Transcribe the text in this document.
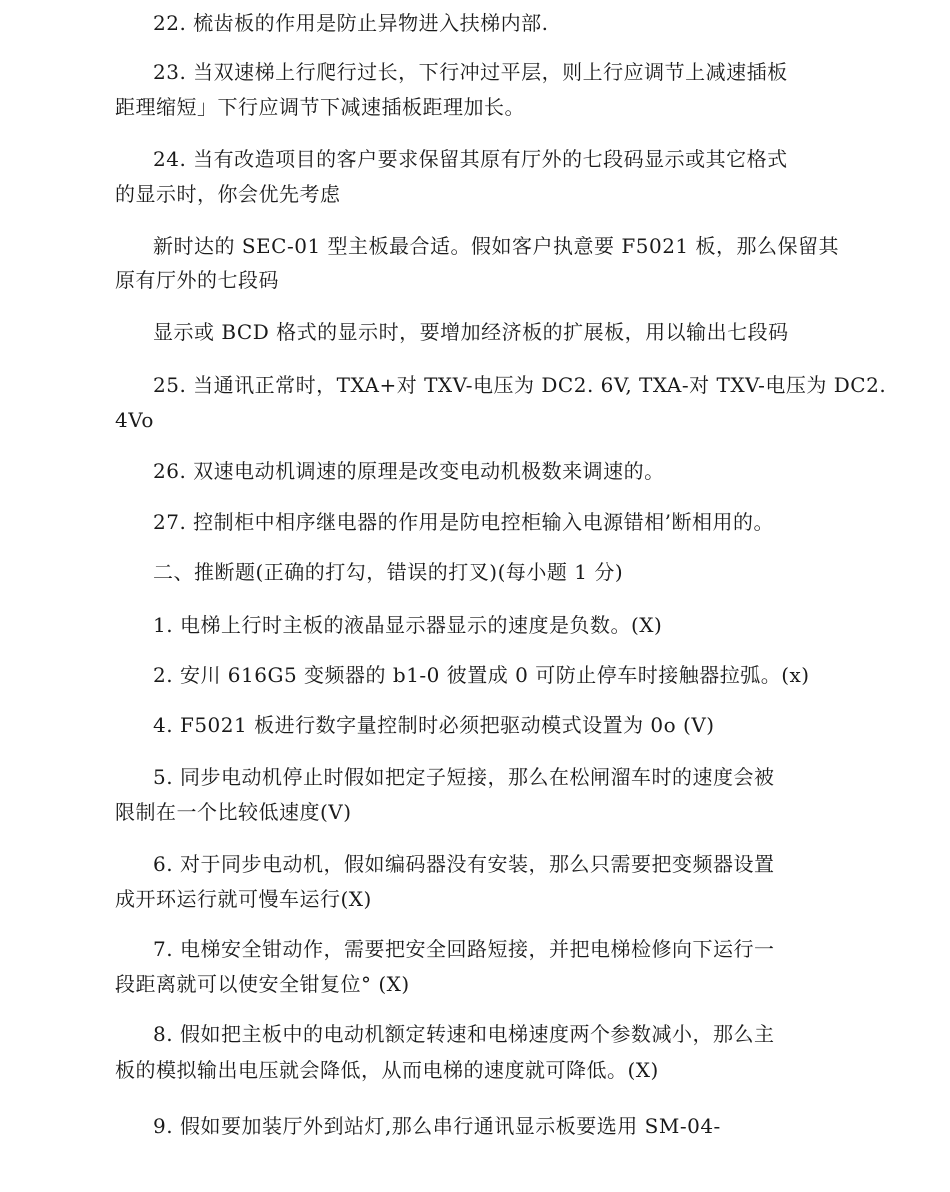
22. 梳齿板的作用是防止异物进入扶梯内部.
23. 当双速梯上行爬行过长，下行冲过平层，则上行应调节上减速插板
距理缩短」下行应调节下减速插板距理加长。
24. 当有改造项目的客户要求保留其原有厅外的七段码显示或其它格式
的显示时，你会优先考虑
新时达的 SEC-01 型主板最合适。假如客户执意要 F5021 板，那么保留其
原有厅外的七段码
显示或 BCD 格式的显示时，要增加经济板的扩展板，用以输出七段码
25. 当通讯正常时，TXA+对 TXV-电压为 DC2. 6V, TXA-对 TXV-电压为 DC2.
4Vo
26. 双速电动机调速的原理是改变电动机极数来调速的。
27. 控制柜中相序继电器的作用是防电控柜输入电源错相’断相用的。
二、推断题(正确的打勾，错误的打叉)(每小题 1 分)
1. 电梯上行时主板的液晶显示器显示的速度是负数。(X)
2. 安川 616G5 变频器的 b1-0 彼置成 0 可防止停车时接触器拉弧。(x)
4. F5021 板进行数字量控制时必须把驱动模式设置为 0o (V)
5. 同步电动机停止时假如把定子短接，那么在松闸溜车时的速度会被
限制在一个比较低速度(V)
6. 对于同步电动机，假如编码器没有安装，那么只需要把变频器设置
成开环运行就可慢车运行(X)
7. 电梯安全钳动作，需要把安全回路短接，并把电梯检修向下运行一
段距离就可以使安全钳复位° (X)
8. 假如把主板中的电动机额定转速和电梯速度两个参数减小，那么主
板的模拟输出电压就会降低，从而电梯的速度就可降低。(X)
9. 假如要加装厅外到站灯,那么串行通讯显示板要选用 SM-04-
